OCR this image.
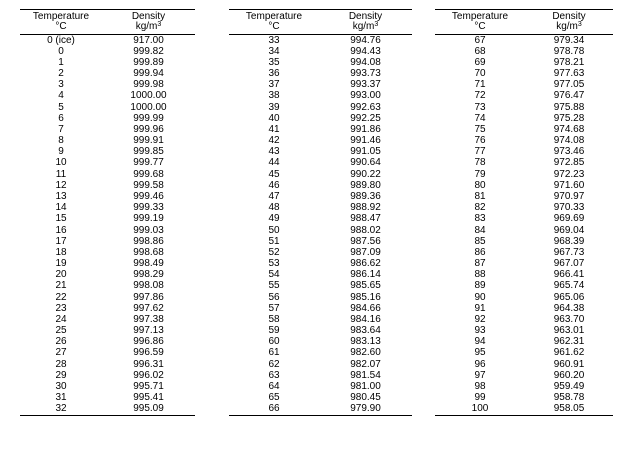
Temperature	Density
°C	$kg/m^3$
0 (ice)	917.00
0	999.82
1	999.89
2	999.94
3	999.98
4	1000.00
5	1000.00
6	999.99
7	999.96
8	999.91
9	999.85
10	999.77
11	999.68
12	999.58
13	999.46
14	999.33
15	999.19
16	999.03
17	998.86
18	998.68
19	998.49
20	998.29
21	998.08
22	997.86
23	997.62
24	997.38
25	997.13
26	996.86
27	996.59
28	996.31
29	996.02
30	995.71
31	995.41
32	995.09
Temperature	Density
°C	$kg/m^3$
33	994.76
34	994.43
35	994.08
36	993.73
37	993.37
38	993.00
39	992.63
40	992.25
41	991.86
42	991.46
43	991.05
44	990.64
45	990.22
46	989.80
47	989.36
48	988.92
49	988.47
50	988.02
51	987.56
52	987.09
53	986.62
54	986.14
55	985.65
56	985.16
57	984.66
58	984.16
59	983.64
60	983.13
61	982.60
62	982.07
63	981.54
64	981.00
65	980.45
66	979.90
Temperature	Density
°C	$kg/m^3$
67	979.34
68	978.78
69	978.21
70	977.63
71	977.05
72	976.47
73	975.88
74	975.28
75	974.68
76	974.08
77	973.46
78	972.85
79	972.23
80	971.60
81	970.97
82	970.33
83	969.69
84	969.04
85	968.39
86	967.73
87	967.07
88	966.41
89	965.74
90	965.06
91	964.38
92	963.70
93	963.01
94	962.31
95	961.62
96	960.91
97	960.20
98	959.49
99	958.78
100	958.05
